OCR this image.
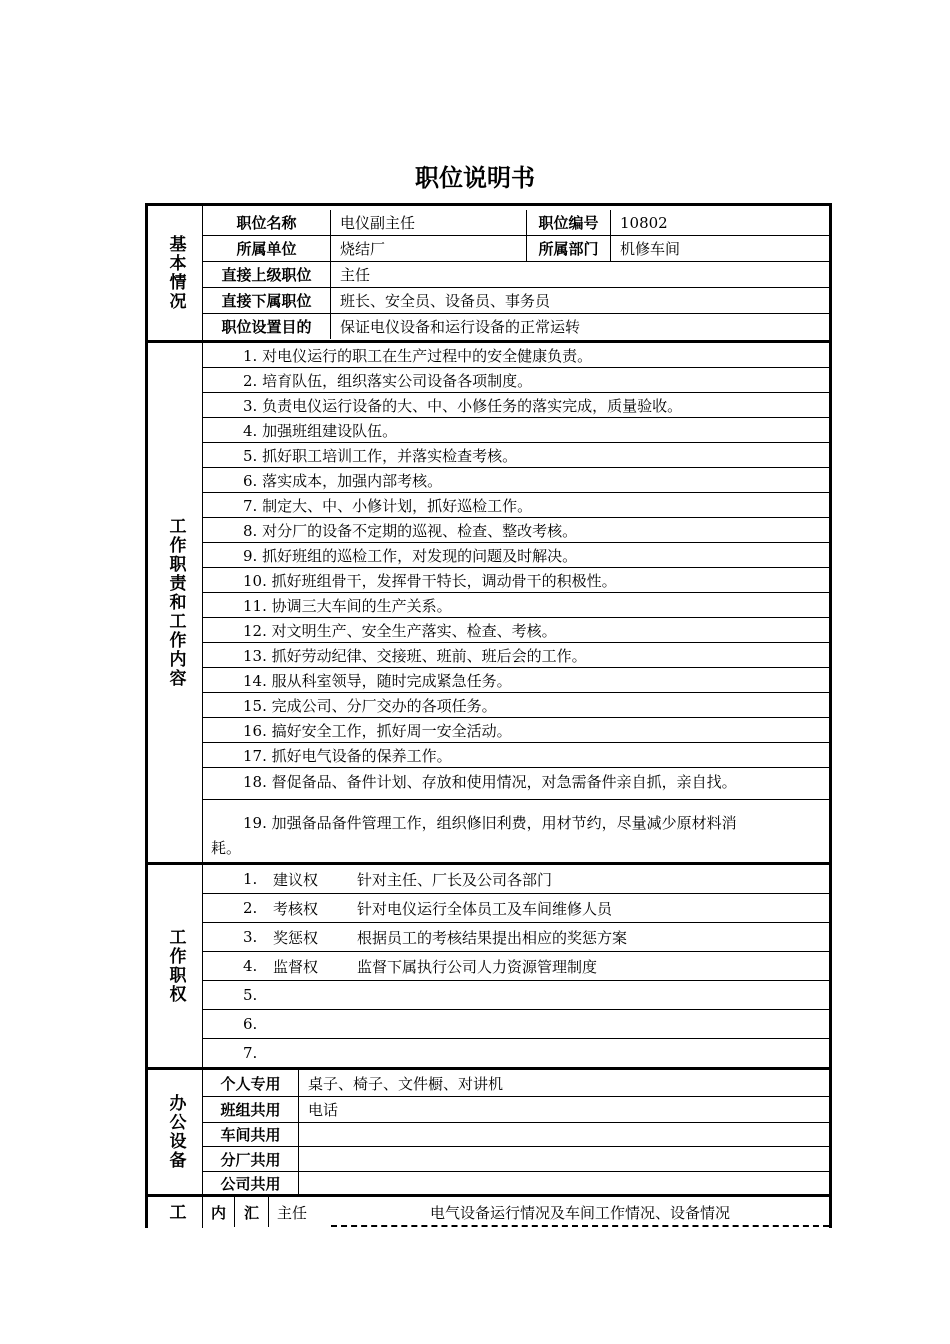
职位说明书
基本情况
职位名称	电仪副主任	职位编号	10802
所属单位	烧结厂	所属部门	机修车间
直接上级职位	主任
直接下属职位	班长、安全员、设备员、事务员
职位设置目的	保证电仪设备和运行设备的正常运转
工作职责和工作内容
1. 对电仪运行的职工在生产过程中的安全健康负责。
2. 培育队伍，组织落实公司设备各项制度。
3. 负责电仪运行设备的大、中、小修任务的落实完成，质量验收。
4. 加强班组建设队伍。
5. 抓好职工培训工作，并落实检查考核。
6. 落实成本，加强内部考核。
7. 制定大、中、小修计划，抓好巡检工作。
8. 对分厂的设备不定期的巡视、检查、整改考核。
9. 抓好班组的巡检工作，对发现的问题及时解决。
10. 抓好班组骨干，发挥骨干特长，调动骨干的积极性。
11. 协调三大车间的生产关系。
12. 对文明生产、安全生产落实、检查、考核。
13. 抓好劳动纪律、交接班、班前、班后会的工作。
14. 服从科室领导，随时完成紧急任务。
15. 完成公司、分厂交办的各项任务。
16. 搞好安全工作，抓好周一安全活动。
17. 抓好电气设备的保养工作。
18. 督促备品、备件计划、存放和使用情况，对急需备件亲自抓，亲自找。
19. 加强备品备件管理工作，组织修旧利费，用材节约，尽量减少原材料消
耗。
工作职权
1.	建议权	针对主任、厂长及公司各部门
2.	考核权	针对电仪运行全体员工及车间维修人员
3.	奖惩权	根据员工的考核结果提出相应的奖惩方案
4.	监督权	监督下属执行公司人力资源管理制度
5.
6.
7.
办公设备
个人专用	桌子、椅子、文件橱、对讲机
班组共用	电话
车间共用
分厂共用
公司共用
工	内	汇	主任	电气设备运行情况及车间工作情况、设备情况
